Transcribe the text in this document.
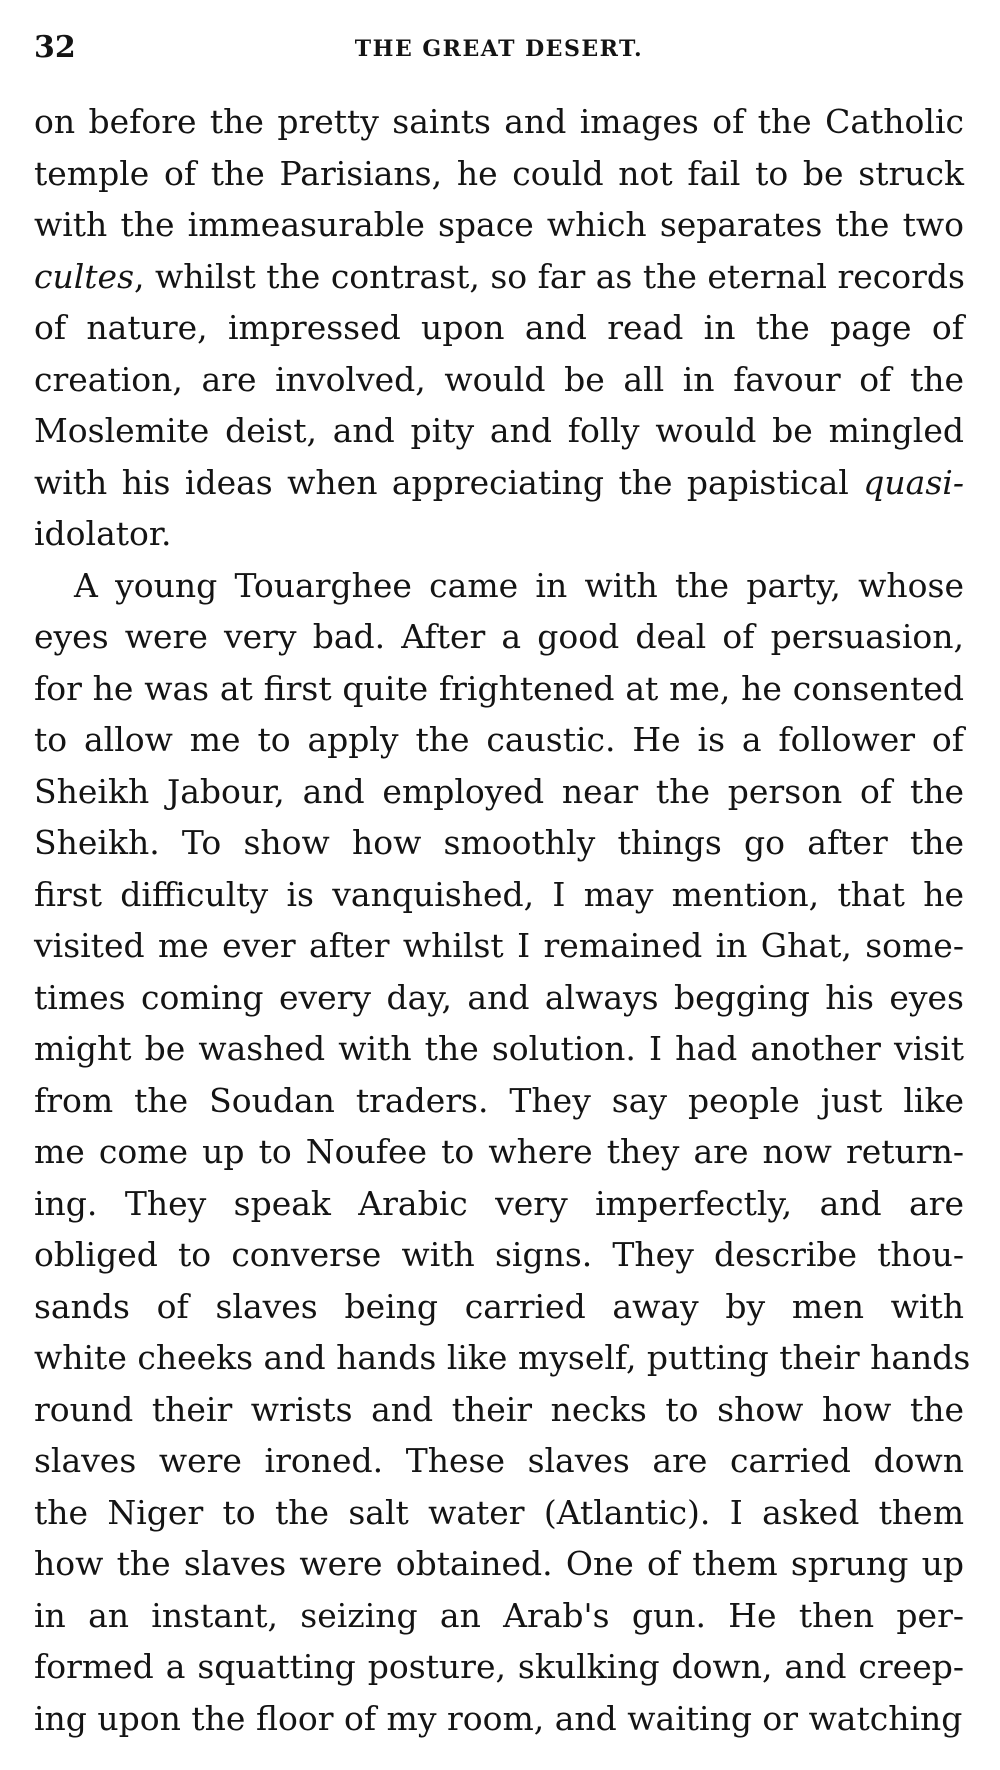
32	THE GREAT DESERT.
on before the pretty saints and images of the Catholic
temple of the Parisians, he could not fail to be struck
with the immeasurable space which separates the two
cultes, whilst the contrast, so far as the eternal records
of nature, impressed upon and read in the page of
creation, are involved, would be all in favour of the
Moslemite deist, and pity and folly would be mingled
with his ideas when appreciating the papistical quasi-
idolator.
A young Touarghee came in with the party, whose
eyes were very bad. After a good deal of persuasion,
for he was at first quite frightened at me, he consented
to allow me to apply the caustic. He is a follower of
Sheikh Jabour, and employed near the person of the
Sheikh. To show how smoothly things go after the
first difficulty is vanquished, I may mention, that he
visited me ever after whilst I remained in Ghat, some-
times coming every day, and always begging his eyes
might be washed with the solution. I had another visit
from the Soudan traders. They say people just like
me come up to Noufee to where they are now return-
ing. They speak Arabic very imperfectly, and are
obliged to converse with signs. They describe thou-
sands of slaves being carried away by men with
white cheeks and hands like myself, putting their hands
round their wrists and their necks to show how the
slaves were ironed. These slaves are carried down
the Niger to the salt water (Atlantic). I asked them
how the slaves were obtained. One of them sprung up
in an instant, seizing an Arab's gun. He then per-
formed a squatting posture, skulking down, and creep-
ing upon the floor of my room, and waiting or watching
